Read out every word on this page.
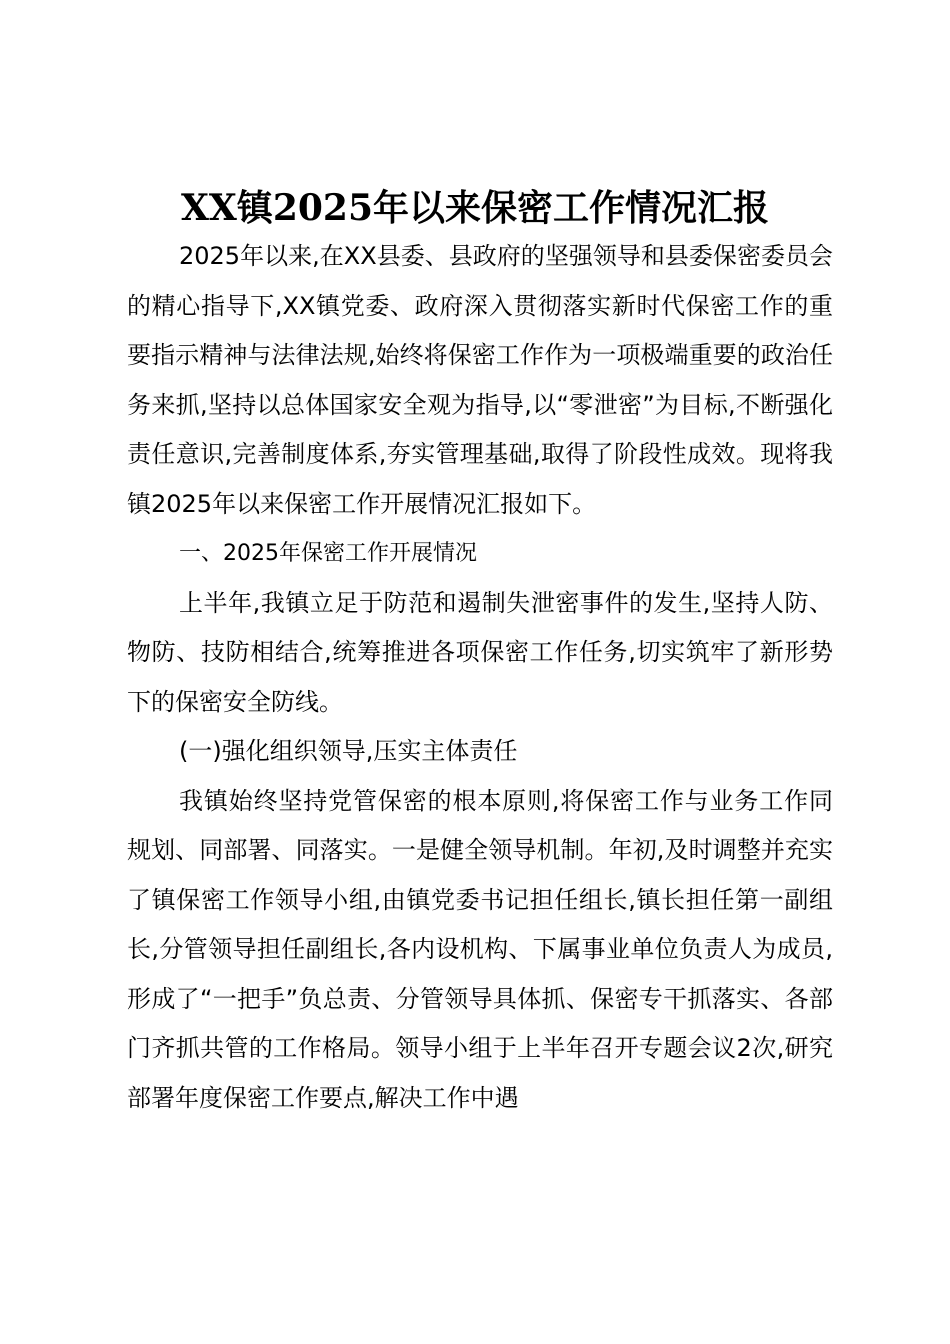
XX镇2025年以来保密工作情况汇报

2025年以来,在XX县委、县政府的坚强领导和县委保密委员会的精心指导下,XX镇党委、政府深入贯彻落实新时代保密工作的重要指示精神与法律法规,始终将保密工作作为一项极端重要的政治任务来抓,坚持以总体国家安全观为指导,以“零泄密”为目标,不断强化责任意识,完善制度体系,夯实管理基础,取得了阶段性成效。现将我镇2025年以来保密工作开展情况汇报如下。

一、2025年保密工作开展情况

上半年,我镇立足于防范和遏制失泄密事件的发生,坚持人防、物防、技防相结合,统筹推进各项保密工作任务,切实筑牢了新形势下的保密安全防线。

(一)强化组织领导,压实主体责任

我镇始终坚持党管保密的根本原则,将保密工作与业务工作同规划、同部署、同落实。一是健全领导机制。年初,及时调整并充实了镇保密工作领导小组,由镇党委书记担任组长,镇长担任第一副组长,分管领导担任副组长,各内设机构、下属事业单位负责人为成员,形成了“一把手”负总责、分管领导具体抓、保密专干抓落实、各部门齐抓共管的工作格局。领导小组于上半年召开专题会议2次,研究部署年度保密工作要点,解决工作中遇
